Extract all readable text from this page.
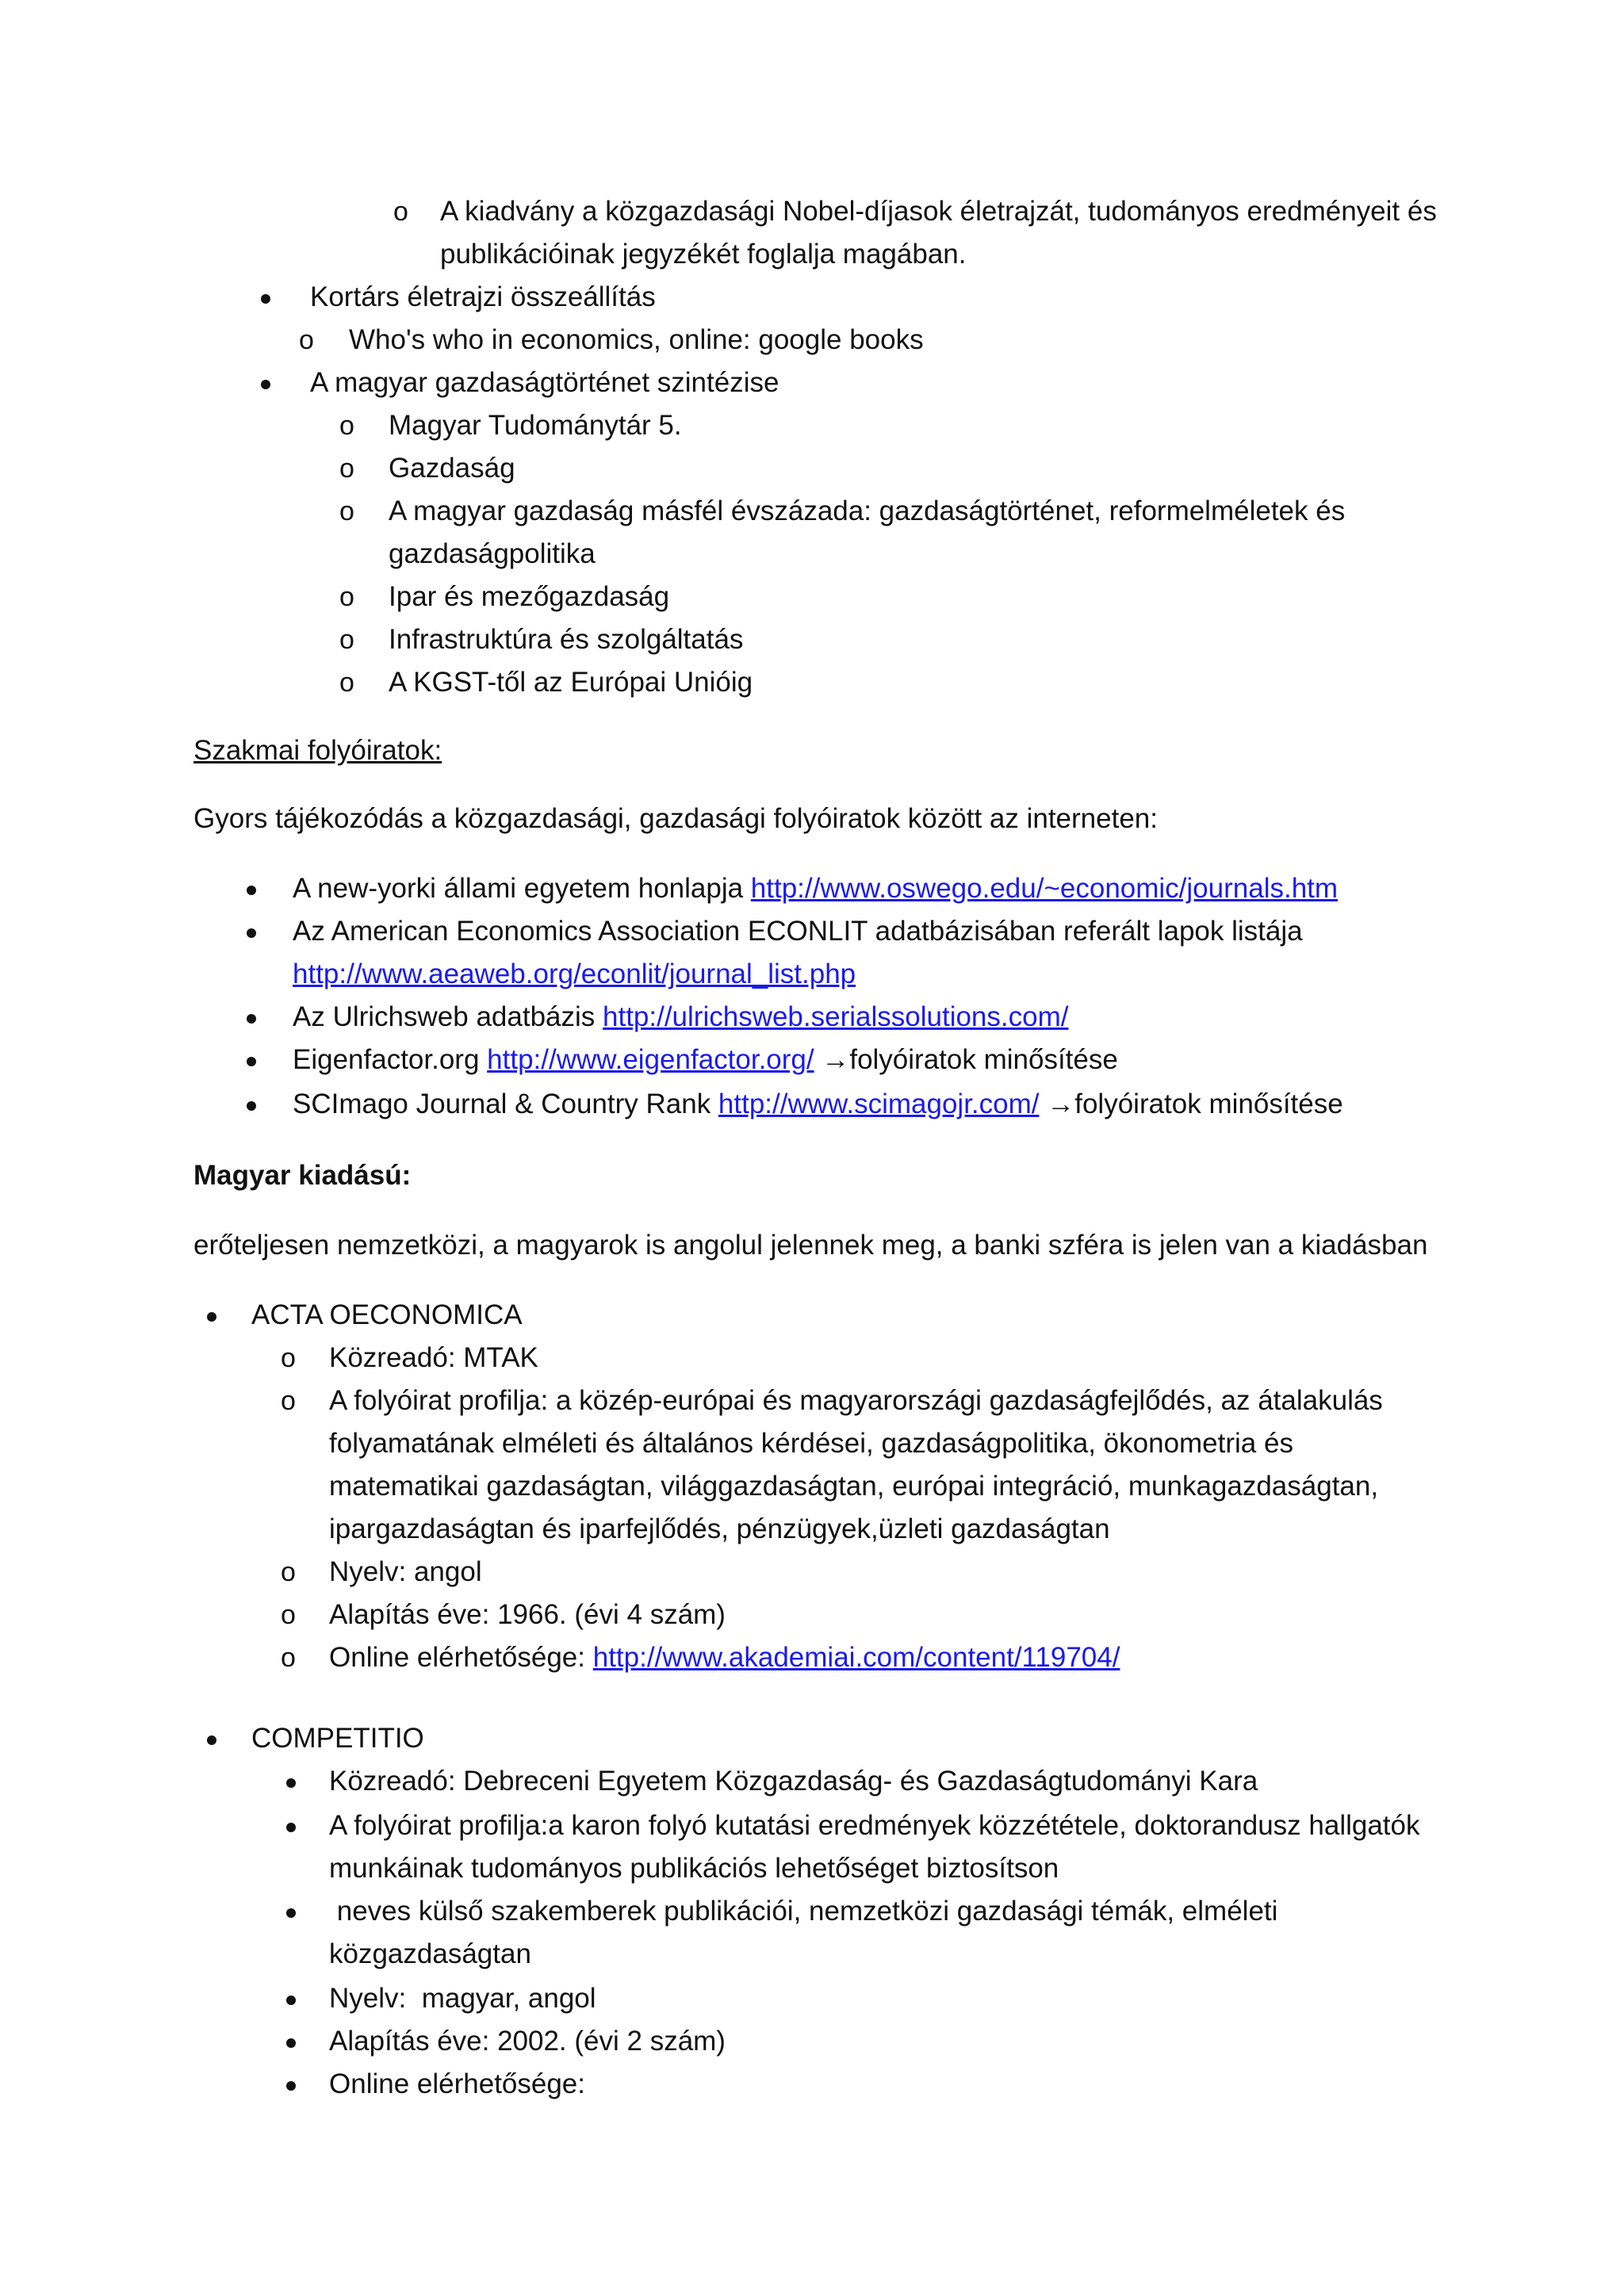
o A kiadvány a közgazdasági Nobel-díjasok életrajzát, tudományos eredményeit és
publikációinak jegyzékét foglalja magában.
Kortárs életrajzi összeállítás
o Who's who in economics, online: google books
A magyar gazdaságtörténet szintézise
o Magyar Tudománytár 5.
o Gazdaság
o A magyar gazdaság másfél évszázada: gazdaságtörténet, reformelméletek és
gazdaságpolitika
o Ipar és mezőgazdaság
o Infrastruktúra és szolgáltatás
o A KGST-től az Európai Unióig
Szakmai folyóiratok:
Gyors tájékozódás a közgazdasági, gazdasági folyóiratok között az interneten:
A new-yorki állami egyetem honlapja http://www.oswego.edu/~economic/journals.htm
Az American Economics Association ECONLIT adatbázisában referált lapok listája
http://www.aeaweb.org/econlit/journal_list.php
Az Ulrichsweb adatbázis http://ulrichsweb.serialssolutions.com/
Eigenfactor.org http://www.eigenfactor.org/ →folyóiratok minősítése
SCImago Journal & Country Rank http://www.scimagojr.com/ →folyóiratok minősítése
Magyar kiadású:
erőteljesen nemzetközi, a magyarok is angolul jelennek meg, a banki szféra is jelen van a kiadásban
ACTA OECONOMICA
o Közreadó: MTAK
o A folyóirat profilja: a közép-európai és magyarországi gazdaságfejlődés, az átalakulás
folyamatának elméleti és általános kérdései, gazdaságpolitika, ökonometria és
matematikai gazdaságtan, világgazdaságtan, európai integráció, munkagazdaságtan,
ipargazdaságtan és iparfejlődés, pénzügyek,üzleti gazdaságtan
o Nyelv: angol
o Alapítás éve: 1966. (évi 4 szám)
o Online elérhetősége: http://www.akademiai.com/content/119704/
COMPETITIO
Közreadó: Debreceni Egyetem Közgazdaság- és Gazdaságtudományi Kara
A folyóirat profilja:a karon folyó kutatási eredmények közzététele, doktorandusz hallgatók
munkáinak tudományos publikációs lehetőséget biztosítson
neves külső szakemberek publikációi, nemzetközi gazdasági témák, elméleti
közgazdaságtan
Nyelv:  magyar, angol
Alapítás éve: 2002. (évi 2 szám)
Online elérhetősége:
